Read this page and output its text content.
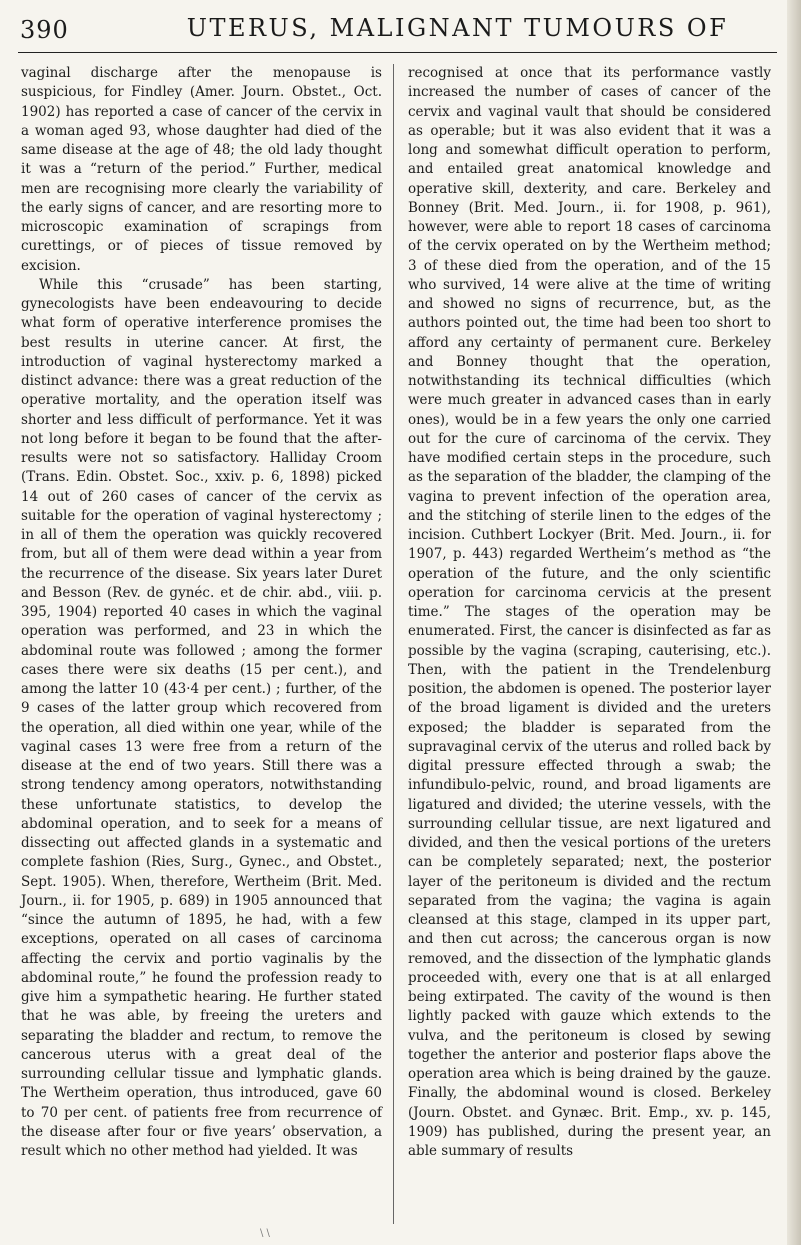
390	UTERUS, MALIGNANT TUMOURS OF

vaginal discharge after the menopause is suspicious, for Findley (Amer. Journ. Obstet., Oct. 1902) has reported a case of cancer of the cervix in a woman aged 93, whose daughter had died of the same disease at the age of 48; the old lady thought it was a “return of the period.” Further, medical men are recognising more clearly the variability of the early signs of cancer, and are resorting more to microscopic examination of scrapings from curettings, or of pieces of tissue removed by excision.

While this “crusade” has been starting, gynecologists have been endeavouring to decide what form of operative interference promises the best results in uterine cancer. At first, the introduction of vaginal hysterectomy marked a distinct advance: there was a great reduction of the operative mortality, and the operation itself was shorter and less difficult of performance. Yet it was not long before it began to be found that the after-results were not so satisfactory. Halliday Croom (Trans. Edin. Obstet. Soc., xxiv. p. 6, 1898) picked 14 out of 260 cases of cancer of the cervix as suitable for the operation of vaginal hysterectomy ; in all of them the operation was quickly recovered from, but all of them were dead within a year from the recurrence of the disease. Six years later Duret and Besson (Rev. de gynéc. et de chir. abd., viii. p. 395, 1904) reported 40 cases in which the vaginal operation was performed, and 23 in which the abdominal route was followed ; among the former cases there were six deaths (15 per cent.), and among the latter 10 (43·4 per cent.) ; further, of the 9 cases of the latter group which recovered from the operation, all died within one year, while of the vaginal cases 13 were free from a return of the disease at the end of two years. Still there was a strong tendency among operators, notwithstanding these unfortunate statistics, to develop the abdominal operation, and to seek for a means of dissecting out affected glands in a systematic and complete fashion (Ries, Surg., Gynec., and Obstet., Sept. 1905). When, therefore, Wertheim (Brit. Med. Journ., ii. for 1905, p. 689) in 1905 announced that “since the autumn of 1895, he had, with a few exceptions, operated on all cases of carcinoma affecting the cervix and portio vaginalis by the abdominal route,” he found the profession ready to give him a sympathetic hearing. He further stated that he was able, by freeing the ureters and separating the bladder and rectum, to remove the cancerous uterus with a great deal of the surrounding cellular tissue and lymphatic glands. The Wertheim operation, thus introduced, gave 60 to 70 per cent. of patients free from recurrence of the disease after four or five years’ observation, a result which no other method had yielded. It was

recognised at once that its performance vastly increased the number of cases of cancer of the cervix and vaginal vault that should be considered as operable; but it was also evident that it was a long and somewhat difficult operation to perform, and entailed great anatomical knowledge and operative skill, dexterity, and care. Berkeley and Bonney (Brit. Med. Journ., ii. for 1908, p. 961), however, were able to report 18 cases of carcinoma of the cervix operated on by the Wertheim method; 3 of these died from the operation, and of the 15 who survived, 14 were alive at the time of writing and showed no signs of recurrence, but, as the authors pointed out, the time had been too short to afford any certainty of permanent cure. Berkeley and Bonney thought that the operation, notwithstanding its technical difficulties (which were much greater in advanced cases than in early ones), would be in a few years the only one carried out for the cure of carcinoma of the cervix. They have modified certain steps in the procedure, such as the separation of the bladder, the clamping of the vagina to prevent infection of the operation area, and the stitching of sterile linen to the edges of the incision. Cuthbert Lockyer (Brit. Med. Journ., ii. for 1907, p. 443) regarded Wertheim’s method as “the operation of the future, and the only scientific operation for carcinoma cervicis at the present time.” The stages of the operation may be enumerated. First, the cancer is disinfected as far as possible by the vagina (scraping, cauterising, etc.). Then, with the patient in the Trendelenburg position, the abdomen is opened. The posterior layer of the broad ligament is divided and the ureters exposed; the bladder is separated from the supravaginal cervix of the uterus and rolled back by digital pressure effected through a swab; the infundibulo-pelvic, round, and broad ligaments are ligatured and divided; the uterine vessels, with the surrounding cellular tissue, are next ligatured and divided, and then the vesical portions of the ureters can be completely separated; next, the posterior layer of the peritoneum is divided and the rectum separated from the vagina; the vagina is again cleansed at this stage, clamped in its upper part, and then cut across; the cancerous organ is now removed, and the dissection of the lymphatic glands proceeded with, every one that is at all enlarged being extirpated. The cavity of the wound is then lightly packed with gauze which extends to the vulva, and the peritoneum is closed by sewing together the anterior and posterior flaps above the operation area which is being drained by the gauze. Finally, the abdominal wound is closed. Berkeley (Journ. Obstet. and Gynæc. Brit. Emp., xv. p. 145, 1909) has published, during the present year, an able summary of results

\ \
